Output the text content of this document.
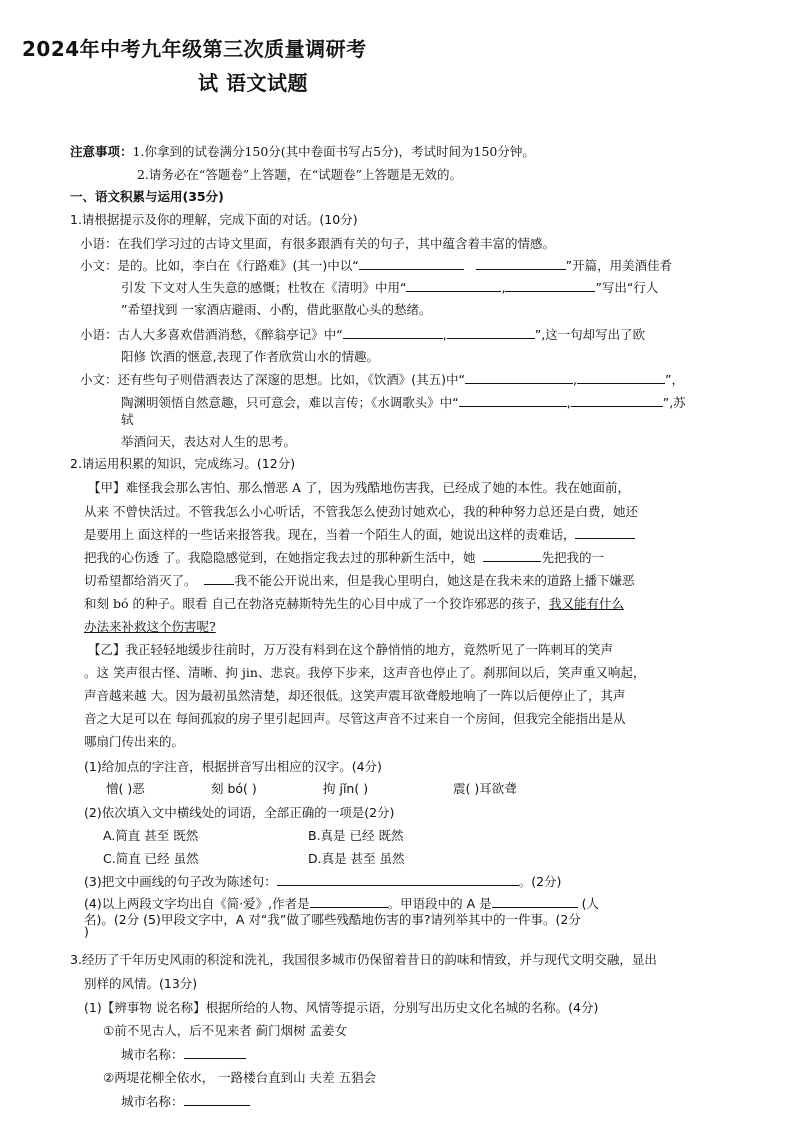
2024年中考九年级第三次质量调研考
试 语文试题
注意事项：1.你拿到的试卷满分150分(其中卷面书写占5分)，考试时间为150分钟。
2.请务必在“答题卷”上答题，在“试题卷”上答题是无效的。
一、语文积累与运用(35分)
1.请根据提示及你的理解，完成下面的对话。(10分)
小语：在我们学习过的古诗文里面，有很多跟酒有关的句子，其中蕴含着丰富的情感。
小文：是的。比如，李白在《行路难》(其一)中以“	”开篇，用美酒佳肴
引发 下文对人生失意的感慨；杜牧在《清明》中用“	,	”写出“行人
”希望找到 一家酒店避雨、小酌，借此驱散心头的愁绪。
小语：古人大多喜欢借酒消愁，《醉翁亭记》中“	,	”,这一句却写出了欧
阳修 饮酒的惬意,表现了作者欣赏山水的情趣。
小文：还有些句子则借酒表达了深邃的思想。比如，《饮酒》(其五)中“	,	”，
陶渊明领悟自然意趣，只可意会，难以言传；《水调歌头》中“	,	”,苏
轼
举酒问天，表达对人生的思考。
2.请运用积累的知识，完成练习。(12分)
【甲】难怪我会那么害怕、那么憎恶 A 了，因为残酷地伤害我，已经成了她的本性。我在她面前，
从来 不曾快活过。不管我怎么小心听话，不管我怎么使劲讨她欢心，我的种种努力总还是白费，她还
是要用上 面这样的一些话来报答我。现在，当着一个陌生人的面，她说出这样的责难话，
把我的心伤透 了。我隐隐感觉到，在她指定我去过的那种新生活中，她	先把我的一
切希望都给消灭了。	我不能公开说出来，但是我心里明白，她这是在我未来的道路上播下嫌恶
和刻 bó 的种子。眼看 自己在勃洛克赫斯特先生的心目中成了一个狡诈邪恶的孩子，我又能有什么
办法来补救这个伤害呢?
【乙】我正轻轻地缓步往前时，万万没有料到在这个静悄悄的地方，竟然听见了一阵刺耳的笑声
。这 笑声很古怪、清晰、拘 jin、悲哀。我停下步来，这声音也停止了。刹那间以后，笑声重又响起，
声音越来越 大。因为最初虽然清楚，却还很低。这笑声震耳欲聋般地响了一阵以后便停止了，其声
音之大足可以在 每间孤寂的房子里引起回声。尽管这声音不过来自一个房间，但我完全能指出是从
哪扇门传出来的。
(1)给加点的字注音，根据拼音写出相应的汉字。(4分)
憎( )恶	刻 bó( )	拘 jǐn( )	震( )耳欲聋
(2)依次填入文中横线处的词语，全部正确的一项是(2分)
A.简直 甚至 既然	B.真是 已经 既然
C.简直 已经 虽然	D.真是 甚至 虽然
(3)把文中画线的句子改为陈述句：	。(2分)
(4)以上两段文字均出自《简·爱》,作者是	。甲语段中的 A 是	(人
名)。(2分 (5)甲段文字中，A 对“我”做了哪些残酷地伤害的事?请列举其中的一件事。(2分
)
3.经历了千年历史风雨的积淀和洗礼，我国很多城市仍保留着昔日的韵味和情致，并与现代文明交融，显出
别样的风情。(13分)
(1)【辨事物 说名称】根据所给的人物、风情等提示语，分别写出历史文化名城的名称。(4分)
①前不见古人，后不见来者 蓟门烟树 孟姜女
城市名称：
②两堤花柳全依水， 一路楼台直到山 夫差 五猖会
城市名称：
